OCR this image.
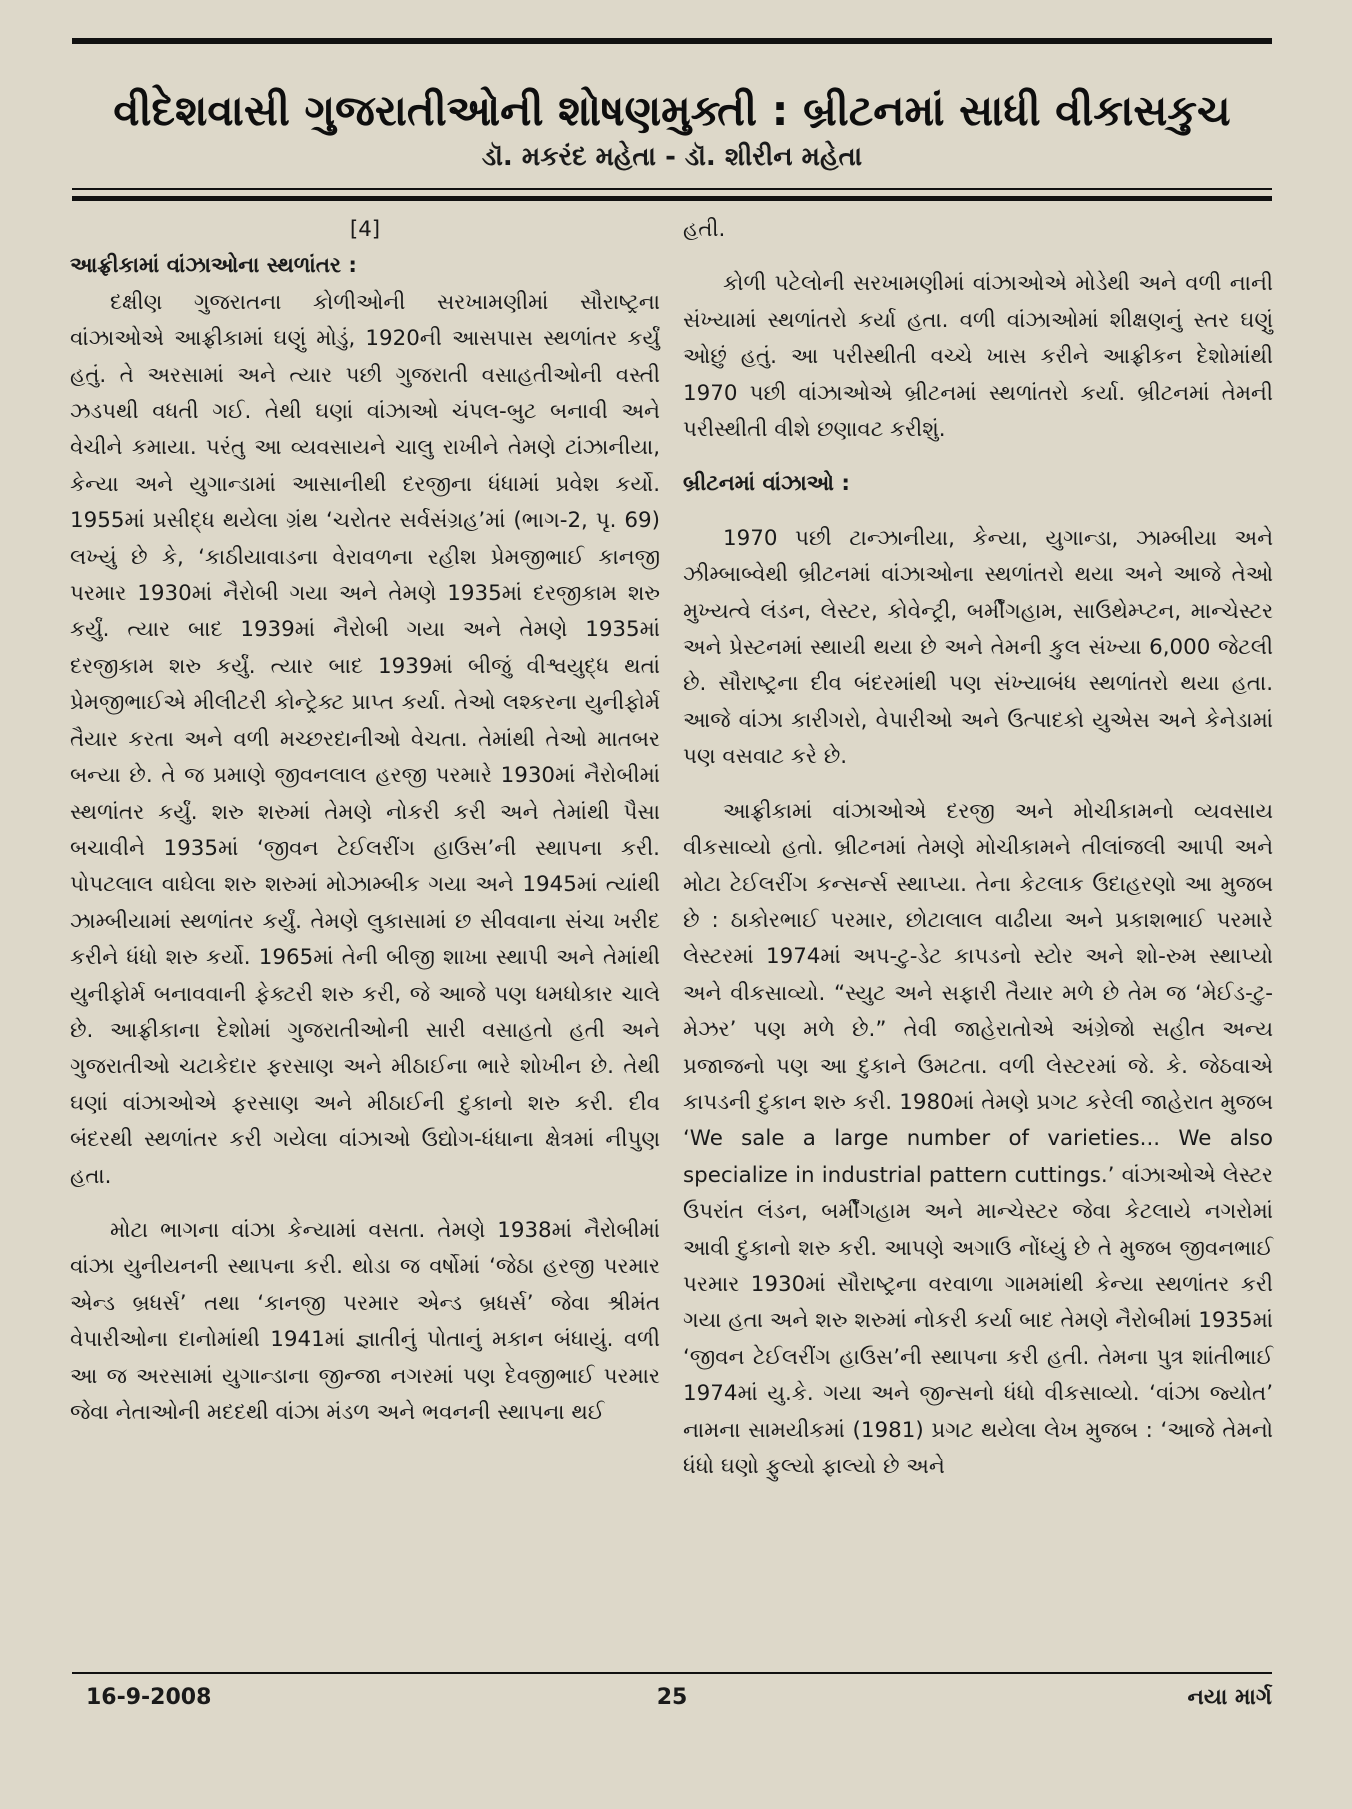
વીદેશવાસી ગુજરાતીઓની શોષણમુક્તી : બ્રીટનમાં સાધી વીકાસકુચ
ડૉ. મકરંદ મહેતા - ડૉ. શીરીન મહેતા

[4]

આફ્રીકામાં વાંઝાઓના સ્થળાંતર :

દક્ષીણ ગુજરાતના કોળીઓની સરખામણીમાં સૌરાષ્ટ્રના વાંઝાઓએ આફ્રીકામાં ઘણું મોડું, 1920ની આસપાસ સ્થળાંતર કર્યું હતું. તે અરસામાં અને ત્યાર પછી ગુજરાતી વસાહતીઓની વસ્તી ઝડપથી વધતી ગઈ. તેથી ઘણાં વાંઝાઓ ચંપલ-બુટ બનાવી અને વેચીને કમાયા. પરંતુ આ વ્યવસાયને ચાલુ રાખીને તેમણે ટાંઝાનીયા, કેન્યા અને યુગાન્ડામાં આસાનીથી દરજીના ધંધામાં પ્રવેશ કર્યો. 1955માં પ્રસીદ્ધ થયેલા ગ્રંથ ‘ચરોતર સર્વસંગ્રહ’માં (ભાગ-2, પૃ. 69) લખ્યું છે કે, ‘કાઠીયાવાડના વેરાવળના રહીશ પ્રેમજીભાઈ કાનજી પરમાર 1930માં નૈરોબી ગયા અને તેમણે 1935માં દરજીકામ શરુ કર્યું. ત્યાર બાદ 1939માં નૈરોબી ગયા અને તેમણે 1935માં દરજીકામ શરુ કર્યું. ત્યાર બાદ 1939માં બીજું વીશ્વયુદ્ધ થતાં પ્રેમજીભાઈએ મીલીટરી કોન્ટ્રેક્ટ પ્રાપ્ત કર્યા. તેઓ લશ્કરના યુનીફોર્મ તૈયાર કરતા અને વળી મચ્છરદાનીઓ વેચતા. તેમાંથી તેઓ માતબર બન્યા છે. તે જ પ્રમાણે જીવનલાલ હરજી પરમારે 1930માં નૈરોબીમાં સ્થળાંતર કર્યું. શરુ શરુમાં તેમણે નોકરી કરી અને તેમાંથી પૈસા બચાવીને 1935માં ‘જીવન ટેઈલરીંગ હાઉસ’ની સ્થાપના કરી. પોપટલાલ વાઘેલા શરુ શરુમાં મોઝામ્બીક ગયા અને 1945માં ત્યાંથી ઝામ્બીયામાં સ્થળાંતર કર્યું. તેમણે લુકાસામાં છ સીવવાના સંચા ખરીદ કરીને ધંધો શરુ કર્યો. 1965માં તેની બીજી શાખા સ્થાપી અને તેમાંથી યુનીફોર્મ બનાવવાની ફેક્ટરી શરુ કરી, જે આજે પણ ધમધોકાર ચાલે છે. આફ્રીકાના દેશોમાં ગુજરાતીઓની સારી વસાહતો હતી અને ગુજરાતીઓ ચટાકેદાર ફરસાણ અને મીઠાઈના ભારે શોખીન છે. તેથી ઘણાં વાંઝાઓએ ફરસાણ અને મીઠાઈની દુકાનો શરુ કરી. દીવ બંદરથી સ્થળાંતર કરી ગયેલા વાંઝાઓ ઉદ્યોગ-ધંધાના ક્ષેત્રમાં નીપુણ હતા.

મોટા ભાગના વાંઝા કેન્યામાં વસતા. તેમણે 1938માં નૈરોબીમાં વાંઝા યુનીયનની સ્થાપના કરી. થોડા જ વર્ષોમાં ‘જેઠા હરજી પરમાર એન્ડ બ્રધર્સ’ તથા ‘કાનજી પરમાર એન્ડ બ્રધર્સ’ જેવા શ્રીમંત વેપારીઓના દાનોમાંથી 1941માં જ્ઞાતીનું પોતાનું મકાન બંધાયું. વળી આ જ અરસામાં યુગાન્ડાના જીન્જા નગરમાં પણ દેવજીભાઈ પરમાર જેવા નેતાઓની મદદથી વાંઝા મંડળ અને ભવનની સ્થાપના થઈ

હતી.

કોળી પટેલોની સરખામણીમાં વાંઝાઓએ મોડેથી અને વળી નાની સંખ્યામાં સ્થળાંતરો કર્યા હતા. વળી વાંઝાઓમાં શીક્ષણનું સ્તર ઘણું ઓછું હતું. આ પરીસ્થીતી વચ્ચે ખાસ કરીને આફ્રીકન દેશોમાંથી 1970 પછી વાંઝાઓએ બ્રીટનમાં સ્થળાંતરો કર્યા. બ્રીટનમાં તેમની પરીસ્થીતી વીશે છણાવટ કરીશું.

બ્રીટનમાં વાંઝાઓ :

1970 પછી ટાન્ઝાનીયા, કેન્યા, યુગાન્ડા, ઝામ્બીયા અને ઝીમ્બાબ્વેથી બ્રીટનમાં વાંઝાઓના સ્થળાંતરો થયા અને આજે તેઓ મુખ્યત્વે લંડન, લેસ્ટર, કોવેન્ટ્રી, બર્મીંગહામ, સાઉથેમ્પ્ટન, માન્ચેસ્ટર અને પ્રેસ્ટનમાં સ્થાયી થયા છે અને તેમની કુલ સંખ્યા 6,000 જેટલી છે. સૌરાષ્ટ્રના દીવ બંદરમાંથી પણ સંખ્યાબંધ સ્થળાંતરો થયા હતા. આજે વાંઝા કારીગરો, વેપારીઓ અને ઉત્પાદકો યુએસ અને કેનેડામાં પણ વસવાટ કરે છે.

આફ્રીકામાં વાંઝાઓએ દરજી અને મોચીકામનો વ્યવસાય વીકસાવ્યો હતો. બ્રીટનમાં તેમણે મોચીકામને તીલાંજલી આપી અને મોટા ટેઈલરીંગ કન્સર્ન્સ સ્થાપ્યા. તેના કેટલાક ઉદાહરણો આ મુજબ છે : ઠાકોરભાઈ પરમાર, છોટાલાલ વાઢીયા અને પ્રકાશભાઈ પરમારે લેસ્ટરમાં 1974માં અપ-ટુ-ડેટ કાપડનો સ્ટોર અને શો-રુમ સ્થાપ્યો અને વીકસાવ્યો. “સ્યુટ અને સફારી તૈયાર મળે છે તેમ જ ‘મેઈડ-ટુ-મેઝર’ પણ મળે છે.” તેવી જાહેરાતોએ અંગ્રેજો સહીત અન્ય પ્રજાજનો પણ આ દુકાને ઉમટતા. વળી લેસ્ટરમાં જે. કે. જેઠવાએ કાપડની દુકાન શરુ કરી. 1980માં તેમણે પ્રગટ કરેલી જાહેરાત મુજબ ‘We sale a large number of varieties... We also specialize in industrial pattern cuttings.’ વાંઝાઓએ લેસ્ટર ઉપરાંત લંડન, બર્મીંગહામ અને માન્ચેસ્ટર જેવા કેટલાયે નગરોમાં આવી દુકાનો શરુ કરી. આપણે અગાઉ નોંધ્યું છે તે મુજબ જીવનભાઈ પરમાર 1930માં સૌરાષ્ટ્રના વરવાળા ગામમાંથી કેન્યા સ્થળાંતર કરી ગયા હતા અને શરુ શરુમાં નોકરી કર્યા બાદ તેમણે નૈરોબીમાં 1935માં ‘જીવન ટેઈલરીંગ હાઉસ’ની સ્થાપના કરી હતી. તેમના પુત્ર શાંતીભાઈ 1974માં યુ.કે. ગયા અને જીન્સનો ધંધો વીકસાવ્યો. ‘વાંઝા જ્યોત’ નામના સામયીકમાં (1981) પ્રગટ થયેલા લેખ મુજબ : ‘આજે તેમનો ધંધો ઘણો ફુલ્યો ફાલ્યો છે અને

25
16-9-2008	નયા માર્ગ
